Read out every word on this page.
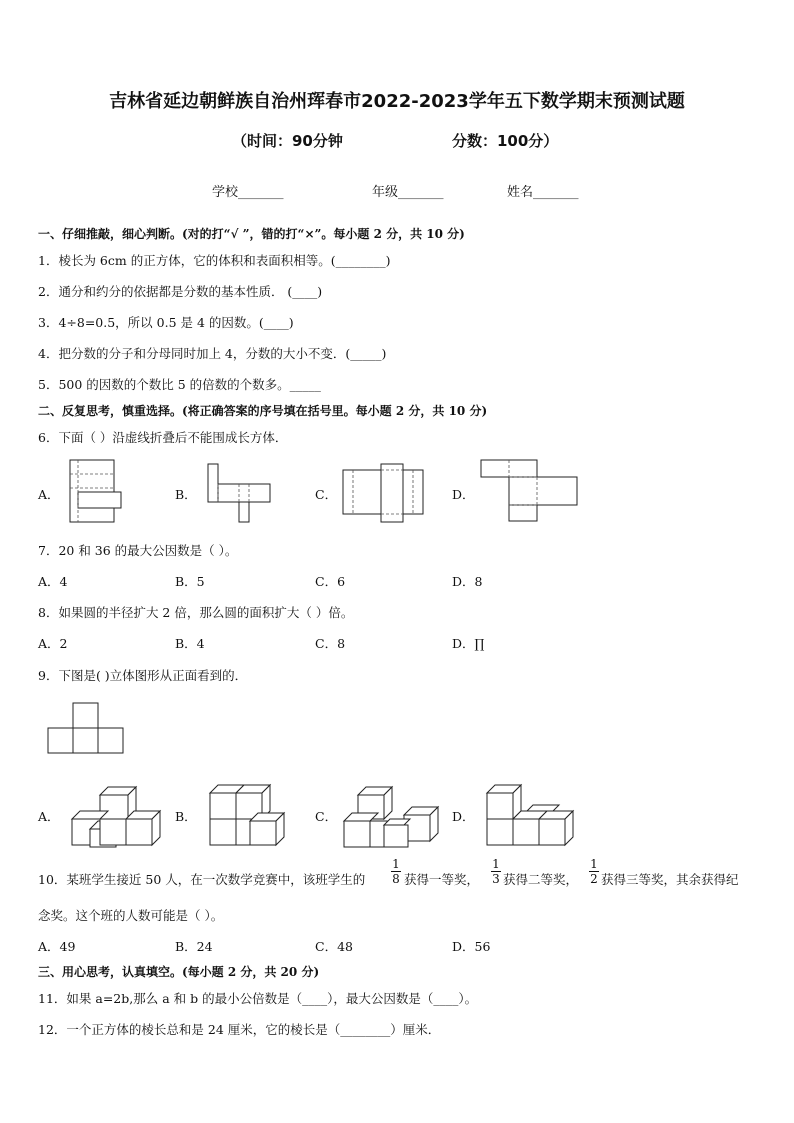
吉林省延边朝鲜族自治州珲春市2022-2023学年五下数学期末预测试题
（时间：90分钟	分数：100分）
学校_______	年级_______	姓名_______
一、仔细推敲，细心判断。(对的打“√ ”，错的打“×”。每小题 2 分，共 10 分)
1．棱长为 6cm 的正方体，它的体积和表面积相等。(________)
2．通分和约分的依据都是分数的基本性质． (____)
3．4÷8=0.5，所以 0.5 是 4 的因数。(____)
4．把分数的分子和分母同时加上 4，分数的大小不变．(_____)
5．500 的因数的个数比 5 的倍数的个数多。_____
二、反复思考，慎重选择。(将正确答案的序号填在括号里。每小题 2 分，共 10 分)
6．下面（ ）沿虚线折叠后不能围成长方体．
A．	B．	C．	D．
7．20 和 36 的最大公因数是（ ）。
A．4	B．5	C．6	D．8
8．如果圆的半径扩大 2 倍，那么圆的面积扩大（ ）倍。
A．2	B．4	C．8	D．∏
9．下图是( )立体图形从正面看到的．
A．	B．	C．	D．
10．某班学生接近 50 人，在一次数学竞赛中，该班学生的 $\frac{1}{8}$ 获得一等奖， $\frac{1}{3}$ 获得二等奖， $\frac{1}{2}$ 获得三等奖，其余获得纪
念奖。这个班的人数可能是（ ）。
A．49	B．24	C．48	D．56
三、用心思考，认真填空。(每小题 2 分，共 20 分)
11．如果 a=2b,那么 a 和 b 的最小公倍数是（____），最大公因数是（____）。
12．一个正方体的棱长总和是 24 厘米，它的棱长是（________）厘米．
